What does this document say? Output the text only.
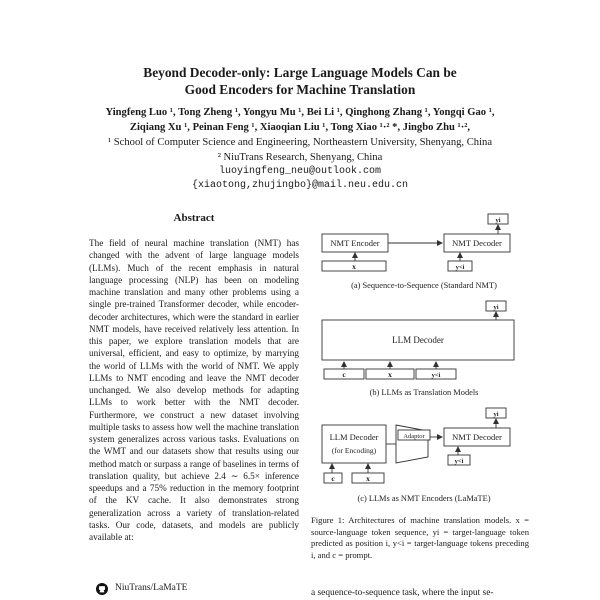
Beyond Decoder-only: Large Language Models Can be
Good Encoders for Machine Translation
Yingfeng Luo ¹, Tong Zheng ¹, Yongyu Mu ¹, Bei Li ¹, Qinghong Zhang ¹, Yongqi Gao ¹,
Ziqiang Xu ¹, Peinan Feng ¹, Xiaoqian Liu ¹, Tong Xiao ¹·² *, Jingbo Zhu ¹·²,
¹ School of Computer Science and Engineering, Northeastern University, Shenyang, China
² NiuTrans Research, Shenyang, China
luoyingfeng_neu@outlook.com
{xiaotong,zhujingbo}@mail.neu.edu.cn
Abstract

The field of neural machine translation (NMT) has changed with the advent of large language models (LLMs). Much of the recent emphasis in natural language processing (NLP) has been on modeling machine translation and many other problems using a single pre-trained Transformer decoder, while encoder-decoder architectures, which were the standard in earlier NMT models, have received relatively less attention. In this paper, we explore translation models that are universal, efficient, and easy to optimize, by marrying the world of LLMs with the world of NMT. We apply LLMs to NMT encoding and leave the NMT decoder unchanged. We also develop methods for adapting LLMs to work better with the NMT decoder. Furthermore, we construct a new dataset involving multiple tasks to assess how well the machine translation system generalizes across various tasks. Evaluations on the WMT and our datasets show that results using our method match or surpass a range of baselines in terms of translation quality, but achieve 2.4 ∼ 6.5× inference speedups and a 75% reduction in the memory footprint of the KV cache. It also demonstrates strong generalization across a variety of translation-related tasks. Our code, datasets, and models are publicly available at:

NiuTrans/LaMaTE
NMT Encoder	NMT Decoder
x	y<i
yi
(a) Sequence-to-Sequence (Standard NMT)
LLM Decoder
c	x	y<i
yi
(b) LLMs as Translation Models
LLM Decoder
(for Encoding)
Adaptor	NMT Decoder
c	x
y<i
yi
(c) LLMs as NMT Encoders (LaMaTE)
Figure 1: Architectures of machine translation models. x = source-language token sequence, yi = target-language token predicted as position i, y<i = target-language tokens preceding i, and c = prompt.
a sequence-to-sequence task, where the input se-
